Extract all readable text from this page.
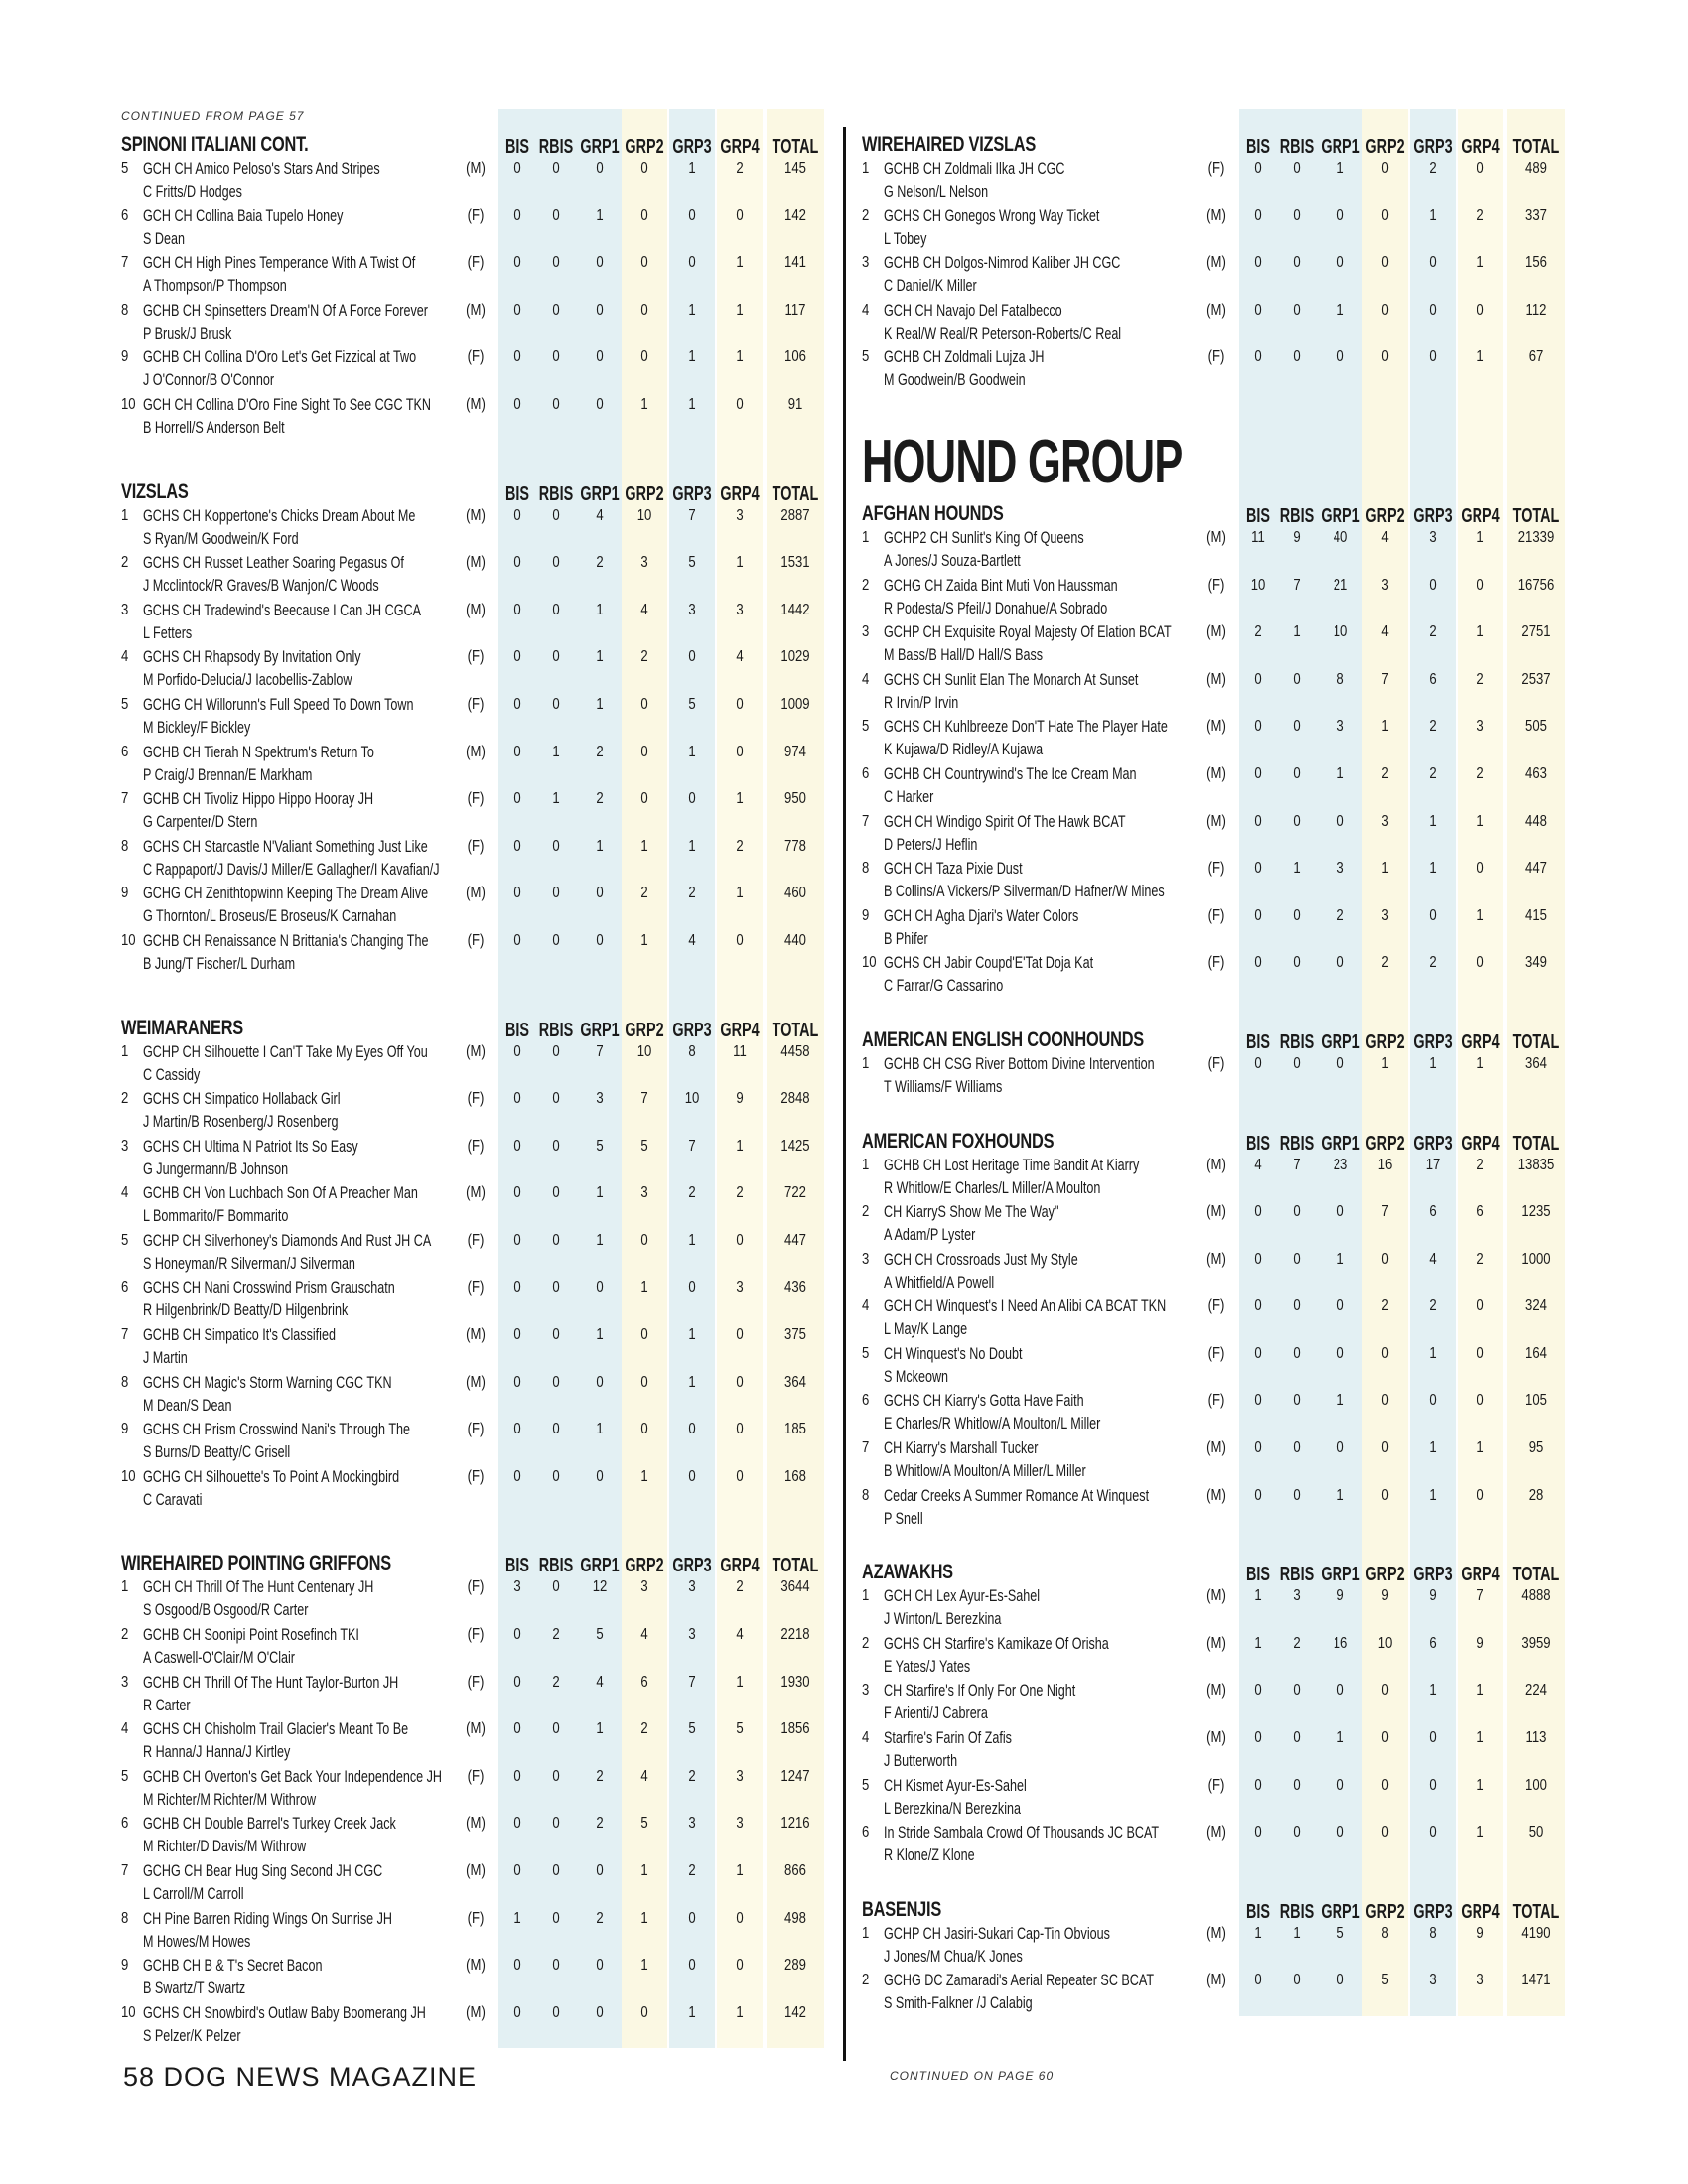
CONTINUED FROM PAGE 57
SPINONI ITALIANI CONT.	BIS RBIS GRP1 GRP2 GRP3 GRP4 TOTAL
5 GCH CH Amico Peloso's Stars And Stripes
C Fritts/D Hodges
(M)	0	0	0	0	1	2	145
6 GCH CH Collina Baia Tupelo Honey
S Dean
(F)	0	0	1	0	0	0	142
7 GCH CH High Pines Temperance With A Twist Of
A Thompson/P Thompson
(F)	0	0	0	0	0	1	141
8 GCHB CH Spinsetters Dream'N Of A Force Forever
P Brusk/J Brusk
(M)	0	0	0	0	1	1	117
9 GCHB CH Collina D'Oro Let's Get Fizzical at Two
J O'Connor/B O'Connor
(F)	0	0	0	0	1	1	106
10 GCH CH Collina D'Oro Fine Sight To See CGC TKN
B Horrell/S Anderson Belt
(M)	0	0	0	1	1	0	91
VIZSLAS	BIS RBIS GRP1 GRP2 GRP3 GRP4 TOTAL
1 GCHS CH Koppertone's Chicks Dream About Me
S Ryan/M Goodwein/K Ford
(M)	0	0	4	10	7	3	2887
2 GCHS CH Russet Leather Soaring Pegasus Of
J Mcclintock/R Graves/B Wanjon/C Woods
(M)	0	0	2	3	5	1	1531
3 GCHS CH Tradewind's Beecause I Can JH CGCA
L Fetters
(M)	0	0	1	4	3	3	1442
4 GCHS CH Rhapsody By Invitation Only
M Porfido-Delucia/J Iacobellis-Zablow
(F)	0	0	1	2	0	4	1029
5 GCHG CH Willorunn's Full Speed To Down Town
M Bickley/F Bickley
(F)	0	0	1	0	5	0	1009
6 GCHB CH Tierah N Spektrum's Return To
P Craig/J Brennan/E Markham
(M)	0	1	2	0	1	0	974
7 GCHB CH Tivoliz Hippo Hippo Hooray JH
G Carpenter/D Stern
(F)	0	1	2	0	0	1	950
8 GCHS CH Starcastle N'Valiant Something Just Like
C Rappaport/J Davis/J Miller/E Gallagher/I Kavafian/J
(F)	0	0	1	1	1	2	778
9 GCHG CH Zenithtopwinn Keeping The Dream Alive
G Thornton/L Broseus/E Broseus/K Carnahan
(M)	0	0	0	2	2	1	460
10 GCHB CH Renaissance N Brittania's Changing The
B Jung/T Fischer/L Durham
(F)	0	0	0	1	4	0	440
WEIMARANERS	BIS RBIS GRP1 GRP2 GRP3 GRP4 TOTAL
1 GCHP CH Silhouette I Can'T Take My Eyes Off You
C Cassidy
(M)	0	0	7	10	8	11	4458
2 GCHS CH Simpatico Hollaback Girl
J Martin/B Rosenberg/J Rosenberg
(F)	0	0	3	7	10	9	2848
3 GCHS CH Ultima N Patriot Its So Easy
G Jungermann/B Johnson
(F)	0	0	5	5	7	1	1425
4 GCHB CH Von Luchbach Son Of A Preacher Man
L Bommarito/F Bommarito
(M)	0	0	1	3	2	2	722
5 GCHP CH Silverhoney's Diamonds And Rust JH CA
S Honeyman/R Silverman/J Silverman
(F)	0	0	1	0	1	0	447
6 GCHS CH Nani Crosswind Prism Grauschatn
R Hilgenbrink/D Beatty/D Hilgenbrink
(F)	0	0	0	1	0	3	436
7 GCHB CH Simpatico It's Classified
J Martin
(M)	0	0	1	0	1	0	375
8 GCHS CH Magic's Storm Warning CGC TKN
M Dean/S Dean
(M)	0	0	0	0	1	0	364
9 GCHS CH Prism Crosswind Nani's Through The
S Burns/D Beatty/C Grisell
(F)	0	0	1	0	0	0	185
10 GCHG CH Silhouette's To Point A Mockingbird
C Caravati
(F)	0	0	0	1	0	0	168
WIREHAIRED POINTING GRIFFONS	BIS RBIS GRP1 GRP2 GRP3 GRP4 TOTAL
1 GCH CH Thrill Of The Hunt Centenary JH
S Osgood/B Osgood/R Carter
(F)	3	0	12	3	3	2	3644
2 GCHB CH Soonipi Point Rosefinch TKI
A Caswell-O'Clair/M O'Clair
(F)	0	2	5	4	3	4	2218
3 GCHB CH Thrill Of The Hunt Taylor-Burton JH
R Carter
(F)	0	2	4	6	7	1	1930
4 GCHS CH Chisholm Trail Glacier's Meant To Be
R Hanna/J Hanna/J Kirtley
(M)	0	0	1	2	5	5	1856
5 GCHB CH Overton's Get Back Your Independence JH
M Richter/M Richter/M Withrow
(F)	0	0	2	4	2	3	1247
6 GCHB CH Double Barrel's Turkey Creek Jack
M Richter/D Davis/M Withrow
(M)	0	0	2	5	3	3	1216
7 GCHG CH Bear Hug Sing Second JH CGC
L Carroll/M Carroll
(M)	0	0	0	1	2	1	866
8 CH Pine Barren Riding Wings On Sunrise JH
M Howes/M Howes
(F)	1	0	2	1	0	0	498
9 GCHB CH B & T's Secret Bacon
B Swartz/T Swartz
(M)	0	0	0	1	0	0	289
10 GCHS CH Snowbird's Outlaw Baby Boomerang JH
S Pelzer/K Pelzer
(M)	0	0	0	0	1	1	142
WIREHAIRED VIZSLAS	BIS RBIS GRP1 GRP2 GRP3 GRP4 TOTAL
1 GCHB CH Zoldmali Ilka JH CGC
G Nelson/L Nelson
(F)	0	0	1	0	2	0	489
2 GCHS CH Gonegos Wrong Way Ticket
L Tobey
(M)	0	0	0	0	1	2	337
3 GCHB CH Dolgos-Nimrod Kaliber JH CGC
C Daniel/K Miller
(M)	0	0	0	0	0	1	156
4 GCH CH Navajo Del Fatalbecco
K Real/W Real/R Peterson-Roberts/C Real
(M)	0	0	1	0	0	0	112
5 GCHB CH Zoldmali Lujza JH
M Goodwein/B Goodwein
(F)	0	0	0	0	0	1	67
HOUND GROUP
AFGHAN HOUNDS	BIS RBIS GRP1 GRP2 GRP3 GRP4 TOTAL
1 GCHP2 CH Sunlit's King Of Queens
A Jones/J Souza-Bartlett
(M)	11	9	40	4	3	1	21339
2 GCHG CH Zaida Bint Muti Von Haussman
R Podesta/S Pfeil/J Donahue/A Sobrado
(F)	10	7	21	3	0	0	16756
3 GCHP CH Exquisite Royal Majesty Of Elation BCAT
M Bass/B Hall/D Hall/S Bass
(M)	2	1	10	4	2	1	2751
4 GCHS CH Sunlit Elan The Monarch At Sunset
R Irvin/P Irvin
(M)	0	0	8	7	6	2	2537
5 GCHS CH Kuhlbreeze Don'T Hate The Player Hate
K Kujawa/D Ridley/A Kujawa
(M)	0	0	3	1	2	3	505
6 GCHB CH Countrywind's The Ice Cream Man
C Harker
(M)	0	0	1	2	2	2	463
7 GCH CH Windigo Spirit Of The Hawk BCAT
D Peters/J Heflin
(M)	0	0	0	3	1	1	448
8 GCH CH Taza Pixie Dust
B Collins/A Vickers/P Silverman/D Hafner/W Mines
(F)	0	1	3	1	1	0	447
9 GCH CH Agha Djari's Water Colors
B Phifer
(F)	0	0	2	3	0	1	415
10 GCHS CH Jabir Coupd'E'Tat Doja Kat
C Farrar/G Cassarino
(F)	0	0	0	2	2	0	349
AMERICAN ENGLISH COONHOUNDS	BIS RBIS GRP1 GRP2 GRP3 GRP4 TOTAL
1 GCHB CH CSG River Bottom Divine Intervention
T Williams/F Williams
(F)	0	0	0	1	1	1	364
AMERICAN FOXHOUNDS	BIS RBIS GRP1 GRP2 GRP3 GRP4 TOTAL
1 GCHB CH Lost Heritage Time Bandit At Kiarry
R Whitlow/E Charles/L Miller/A Moulton
(M)	4	7	23	16	17	2	13835
2 CH KiarryS Show Me The Way"
A Adam/P Lyster
(M)	0	0	0	7	6	6	1235
3 GCH CH Crossroads Just My Style
A Whitfield/A Powell
(M)	0	0	1	0	4	2	1000
4 GCH CH Winquest's I Need An Alibi CA BCAT TKN
L May/K Lange
(F)	0	0	0	2	2	0	324
5 CH Winquest's No Doubt
S Mckeown
(F)	0	0	0	0	1	0	164
6 GCHS CH Kiarry's Gotta Have Faith
E Charles/R Whitlow/A Moulton/L Miller
(F)	0	0	1	0	0	0	105
7 CH Kiarry's Marshall Tucker
B Whitlow/A Moulton/A Miller/L Miller
(M)	0	0	0	0	1	1	95
8 Cedar Creeks A Summer Romance At Winquest
P Snell
(M)	0	0	1	0	1	0	28
AZAWAKHS	BIS RBIS GRP1 GRP2 GRP3 GRP4 TOTAL
1 GCH CH Lex Ayur-Es-Sahel
J Winton/L Berezkina
(M)	1	3	9	9	9	7	4888
2 GCHS CH Starfire's Kamikaze Of Orisha
E Yates/J Yates
(M)	1	2	16	10	6	9	3959
3 CH Starfire's If Only For One Night
F Arienti/J Cabrera
(M)	0	0	0	0	1	1	224
4 Starfire's Farin Of Zafis
J Butterworth
(M)	0	0	1	0	0	1	113
5 CH Kismet Ayur-Es-Sahel
L Berezkina/N Berezkina
(F)	0	0	0	0	0	1	100
6 In Stride Sambala Crowd Of Thousands JC BCAT
R Klone/Z Klone
(M)	0	0	0	0	0	1	50
BASENJIS	BIS RBIS GRP1 GRP2 GRP3 GRP4 TOTAL
1 GCHP CH Jasiri-Sukari Cap-Tin Obvious
J Jones/M Chua/K Jones
(M)	1	1	5	8	8	9	4190
2 GCHG DC Zamaradi's Aerial Repeater SC BCAT
S Smith-Falkner /J Calabig
(M)	0	0	0	5	3	3	1471
58 DOG NEWS MAGAZINE	CONTINUED ON PAGE 60
